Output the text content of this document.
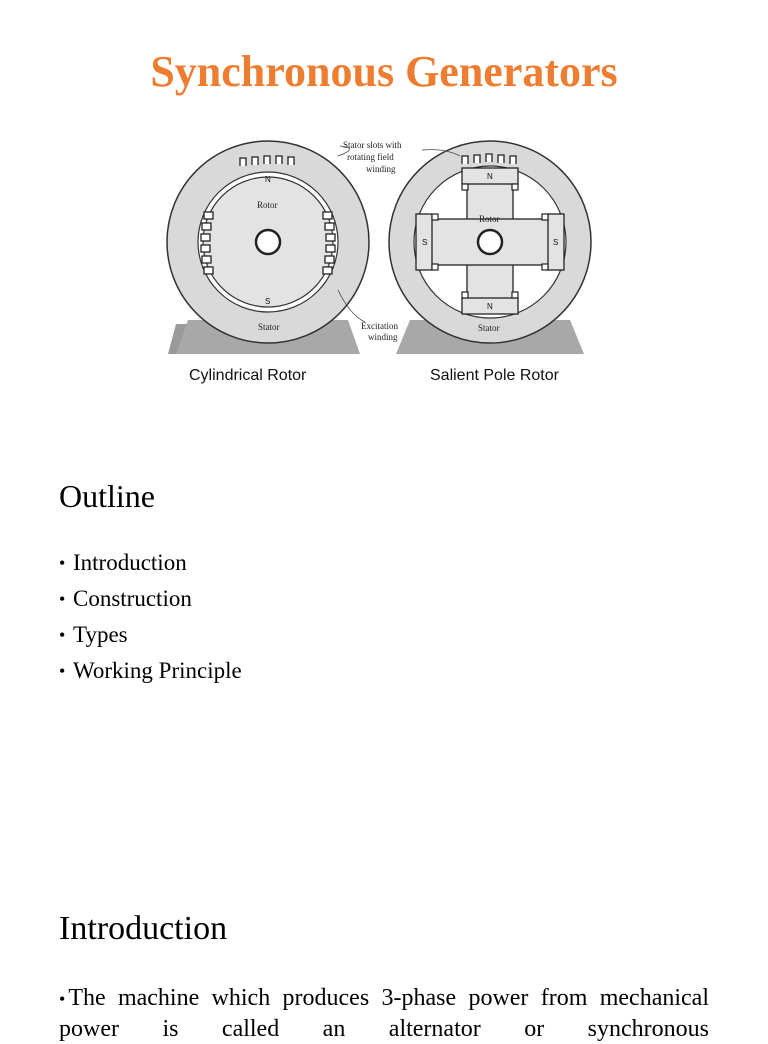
Synchronous Generators
N
S
Rotor
Stator	Excitation
winding
Cylindrical Rotor
N
N
S	S
Rotor
Stator
Salient Pole Rotor
Stator slots with
rotating field
winding
Outline
• Introduction
• Construction
• Types
• Working Principle
Introduction

• The machine which produces 3-phase power from mechanical power is called an alternator or synchronous
